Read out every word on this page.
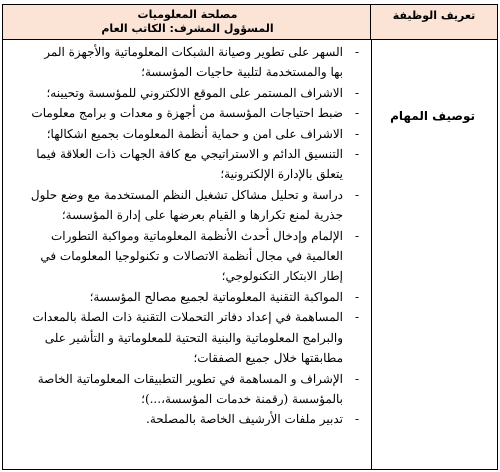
مصلحة المعلوميات
المسؤول المشرف: الكاتب العام
تعريف الوظيفة
توصيف المهام
-
السهر على تطوير وصيانة الشبكات المعلوماتية والأجهزة المر
بها والمستخدمة لتلبية حاجيات المؤسسة؛
-
الاشراف المستمر على الموقع الالكتروني للمؤسسة وتحيينه؛
-
ضبط احتياجات المؤسسة من أجهزة و معدات و برامج معلومات
-
الاشراف على امن و حماية أنظمة المعلومات بجميع اشكالها؛
-
التنسيق الدائم و الاستراتيجي مع كافة الجهات ذات العلاقة فيما
يتعلق بالإدارة الإلكترونية؛
-
دراسة و تحليل مشاكل تشغيل النظم المستخدمة مع وضع حلول
جذرية لمنع تكرارها و القيام بعرضها على إدارة المؤسسة؛
-
الإلمام وإدخال أحدث الأنظمة المعلوماتية ومواكبة التطورات
العالمية في مجال أنظمة الاتصالات و تكنولوجيا المعلومات في
إطار الابتكار التكنولوجي؛
-
المواكبة التقنية المعلوماتية لجميع مصالح المؤسسة؛
-
المساهمة في إعداد دفاتر التحملات التقنية ذات الصلة بالمعدات
والبرامج المعلوماتية والبنية التحتية للمعلوماتية و التأشير على
مطابقتها خلال جميع الصفقات؛
-
الإشراف و المساهمة في تطوير التطبيقات المعلوماتية الخاصة
بالمؤسسة (رقمنة خدمات المؤسسة،...)؛
-
تدبير ملفات الأرشيف الخاصة بالمصلحة.
